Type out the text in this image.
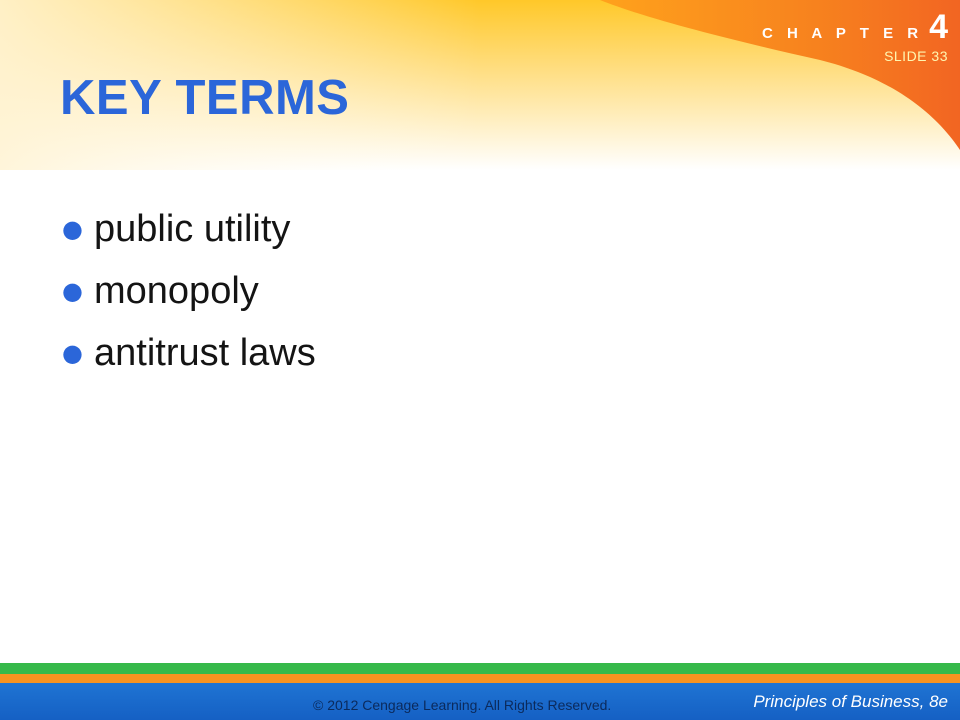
C H A P T E R 4
SLIDE 33
KEY TERMS
● public utility
● monopoly
● antitrust laws
© 2012 Cengage Learning. All Rights Reserved.	Principles of Business, 8e
